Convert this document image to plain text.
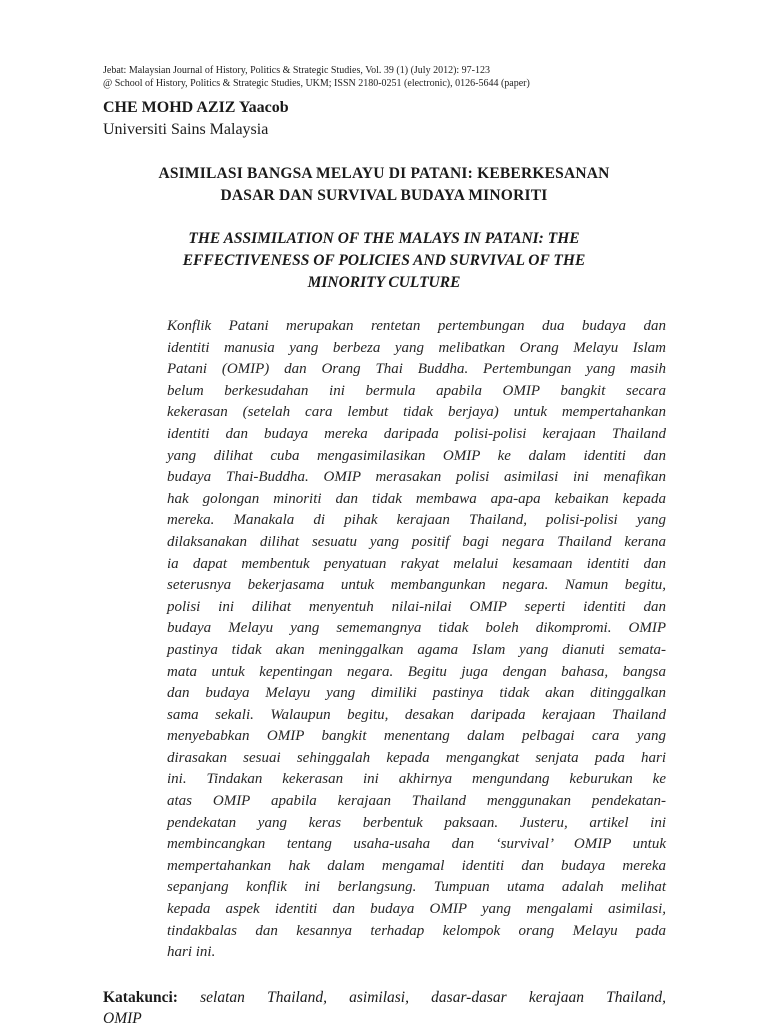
Jebat: Malaysian Journal of History, Politics & Strategic Studies, Vol. 39 (1) (July 2012): 97-123
@ School of History, Politics & Strategic Studies, UKM; ISSN 2180-0251 (electronic), 0126-5644 (paper)
CHE MOHD AZIZ Yaacob
Universiti Sains Malaysia
ASIMILASI BANGSA MELAYU DI PATANI: KEBERKESANAN
DASAR DAN SURVIVAL BUDAYA MINORITI
THE ASSIMILATION OF THE MALAYS IN PATANI: THE
EFFECTIVENESS OF POLICIES AND SURVIVAL OF THE
MINORITY CULTURE
Konflik Patani merupakan rentetan pertembungan dua budaya dan
identiti manusia yang berbeza yang melibatkan Orang Melayu Islam
Patani (OMIP) dan Orang Thai Buddha. Pertembungan yang masih
belum berkesudahan ini bermula apabila OMIP bangkit secara
kekerasan (setelah cara lembut tidak berjaya) untuk mempertahankan
identiti dan budaya mereka daripada polisi-polisi kerajaan Thailand
yang dilihat cuba mengasimilasikan OMIP ke dalam identiti dan
budaya Thai-Buddha. OMIP merasakan polisi asimilasi ini menafikan
hak golongan minoriti dan tidak membawa apa-apa kebaikan kepada
mereka. Manakala di pihak kerajaan Thailand, polisi-polisi yang
dilaksanakan dilihat sesuatu yang positif bagi negara Thailand kerana
ia dapat membentuk penyatuan rakyat melalui kesamaan identiti dan
seterusnya bekerjasama untuk membangunkan negara. Namun begitu,
polisi ini dilihat menyentuh nilai-nilai OMIP seperti identiti dan
budaya Melayu yang sememangnya tidak boleh dikompromi. OMIP
pastinya tidak akan meninggalkan agama Islam yang dianuti semata-
mata untuk kepentingan negara. Begitu juga dengan bahasa, bangsa
dan budaya Melayu yang dimiliki pastinya tidak akan ditinggalkan
sama sekali. Walaupun begitu, desakan daripada kerajaan Thailand
menyebabkan OMIP bangkit menentang dalam pelbagai cara yang
dirasakan sesuai sehinggalah kepada mengangkat senjata pada hari
ini. Tindakan kekerasan ini akhirnya mengundang keburukan ke
atas OMIP apabila kerajaan Thailand menggunakan pendekatan-
pendekatan yang keras berbentuk paksaan. Justeru, artikel ini
membincangkan tentang usaha-usaha dan ‘survival’ OMIP untuk
mempertahankan hak dalam mengamal identiti dan budaya mereka
sepanjang konflik ini berlangsung. Tumpuan utama adalah melihat
kepada aspek identiti dan budaya OMIP yang mengalami asimilasi,
tindakbalas dan kesannya terhadap kelompok orang Melayu pada
hari ini.
Katakunci: selatan Thailand, asimilasi, dasar-dasar kerajaan Thailand,
OMIP
